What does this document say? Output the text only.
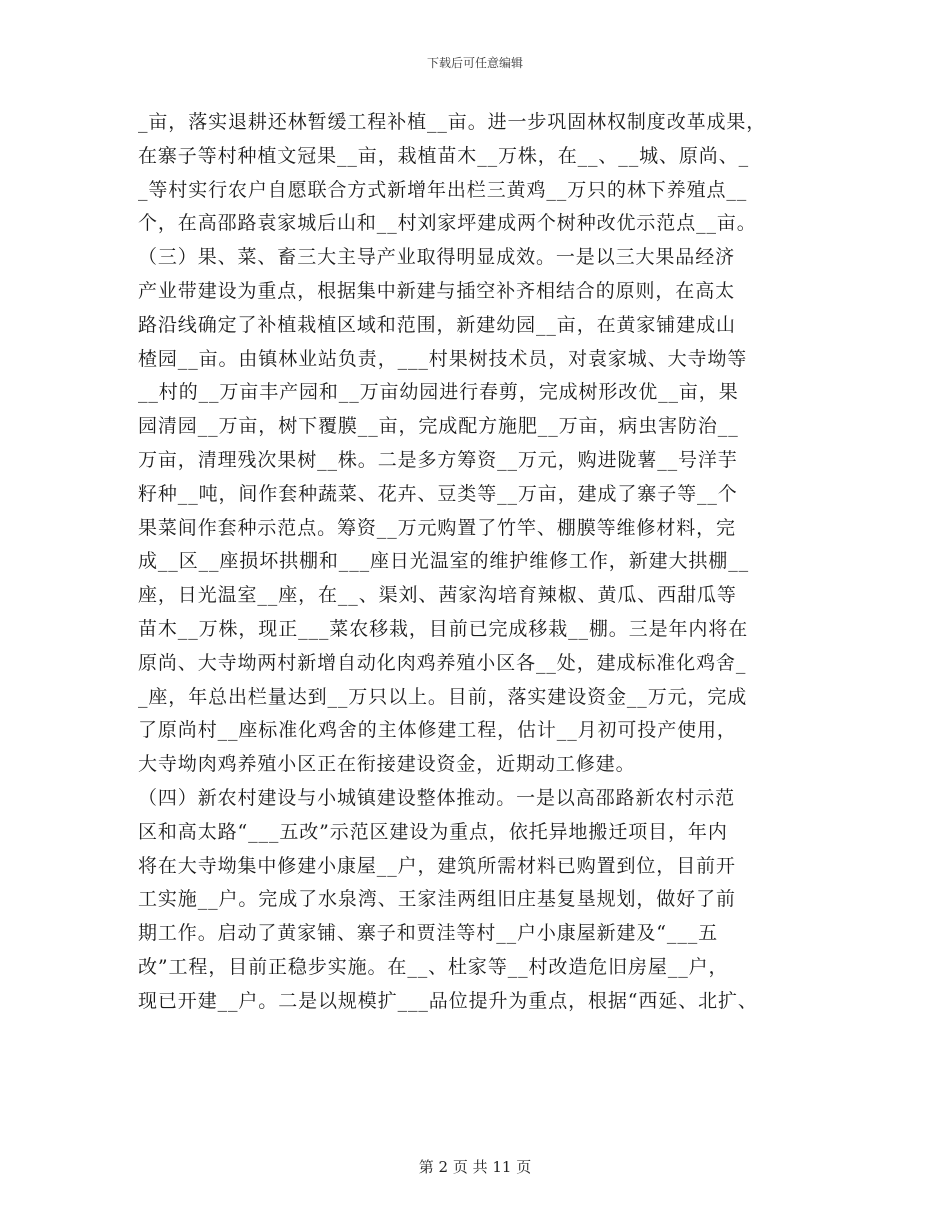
下载后可任意编辑
_亩，落实退耕还林暂缓工程补植__亩。进一步巩固林权制度改革成果，
在寨子等村种植文冠果__亩，栽植苗木__万株，在__、__城、原尚、_
_等村实行农户自愿联合方式新增年出栏三黄鸡__万只的林下养殖点__
个，在高邵路袁家城后山和__村刘家坪建成两个树种改优示范点__亩。
（三）果、菜、畜三大主导产业取得明显成效。一是以三大果品经济
产业带建设为重点，根据集中新建与插空补齐相结合的原则，在高太
路沿线确定了补植栽植区域和范围，新建幼园__亩，在黄家铺建成山
楂园__亩。由镇林业站负责，___村果树技术员，对袁家城、大寺坳等
__村的__万亩丰产园和__万亩幼园进行春剪，完成树形改优__亩，果
园清园__万亩，树下覆膜__亩，完成配方施肥__万亩，病虫害防治__
万亩，清理残次果树__株。二是多方筹资__万元，购进陇薯__号洋芋
籽种__吨，间作套种蔬菜、花卉、豆类等__万亩，建成了寨子等__个
果菜间作套种示范点。筹资__万元购置了竹竿、棚膜等维修材料，完
成__区__座损坏拱棚和___座日光温室的维护维修工作，新建大拱棚__
座，日光温室__座，在__、渠刘、茜家沟培育辣椒、黄瓜、西甜瓜等
苗木__万株，现正___菜农移栽，目前已完成移栽__棚。三是年内将在
原尚、大寺坳两村新增自动化肉鸡养殖小区各__处，建成标准化鸡舍_
_座，年总出栏量达到__万只以上。目前，落实建设资金__万元，完成
了原尚村__座标准化鸡舍的主体修建工程，估计__月初可投产使用，
大寺坳肉鸡养殖小区正在衔接建设资金，近期动工修建。
（四）新农村建设与小城镇建设整体推动。一是以高邵路新农村示范
区和高太路“___五改”示范区建设为重点，依托异地搬迁项目，年内
将在大寺坳集中修建小康屋__户，建筑所需材料已购置到位，目前开
工实施__户。完成了水泉湾、王家洼两组旧庄基复垦规划，做好了前
期工作。启动了黄家铺、寨子和贾洼等村__户小康屋新建及“___五
改”工程，目前正稳步实施。在__、杜家等__村改造危旧房屋__户，
现已开建__户。二是以规模扩___品位提升为重点，根据“西延、北扩、
第 2 页 共 11 页
